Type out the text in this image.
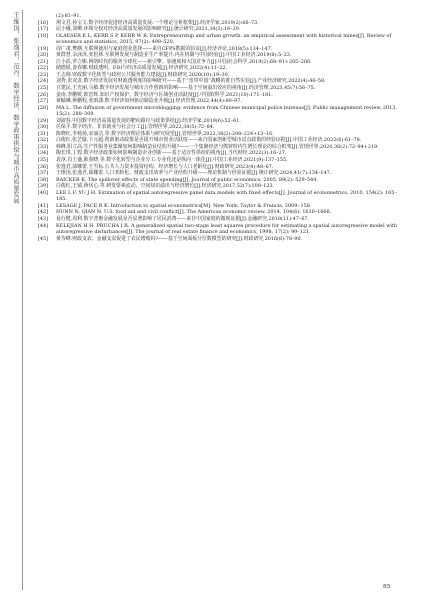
王维国，张逸君，范丹．数字经济、数字政策供给与城市高质量发展	(2):81–91.
[16] 荆文君,孙宝文.数字经济促进经济高质量发展:一个理论分析框架[J].经济学家,2019(2):66–73.
[17] 屈小娥,刘柳.环境分权对经济高质量发展的影响研究[J].统计研究,2021,38(3):16–29.
[18] GLAESER E L, KERR S P, KERR W R. Entrepreneurship and urban growth: an empirical assessment with historical mines[J]. Review of economics and statistics, 2015, 97(2): 498–520.
[19] 周广肃,樊纲.互联网使用与家庭创业选择——来自CFPS数据的验证[J].经济评论,2018(5):134–147.
[20] 黄群慧,余泳泽,张松林.互联网发展与制造业生产率提升:内在机制与中国经验[J].中国工业经济,2019(8):5–23.
[21] 江小涓,罗立彬.网络时代的服务全球化——新引擎、加速度和大国竞争力[J].中国社会科学,2019(2):68–91+205–206.
[22] 储德银,姜春娜.财政透明、FDI与经济高质量发展[J].经济研究,2022(4):11–22.
[23] 王志刚.财政数字化转型与政府公共服务能力建设[J].财政研究,2020(10):19–30.
[24] 刘秀,张双龙.数字经济发展对财政透明度的影响研究——基于“宽带中国”战略的准自然实验[J].产业经济研究,2022(4):46–58.
[25] 豆建民,王光丽,马敏.数字经济发展与城市合作创新的影响——基于空间溢出效应的视角[J].经济管理,2023,45(7):56–75.
[26] 姜南,李鹏媛,欧忠辉.知识产权保护、数字经济与区域创业活跃度[J].中国软科学,2021(10):171–181.
[27] 黄赜琳,蒋鹏程,张雨潇.数字经济如何驱动制造业升级[J].经济管理,2022,44(4):80–97.
[28] MA L. The diffusion of government microblogging: evidence from Chinese municipal police bureaus[J]. Public management review, 2013, 15(2): 288–309.
[29] 刘淑春.中国数字经济高质量发展的靶向路径与政策供给[J].经济学家,2019(6):52–61.
[30] 任保平.数字经济、非农就业与社会分工[J].管理世界,2022,38(5):72–84.
[31] 陈晓红,李杨扬,宋丽洁,等.数字经济理论体系与研究展望[J].管理世界,2022,38(2):208–224+13–16.
[32] 白俊红,张艺璇,卞元超.创新驱动政策是否提升城市创业活跃度——来自国家创新型城市试点政策的经验证据[J].中国工业经济,2022(6):61–78.
[33] 韩峰,阳立高.生产性服务业集聚如何影响制造业结构升级?——一个集聚经济与熊彼特内生增长理论的综合框架[J].管理世界,2020,36(2):72–94+219.
[34] 陶长琪,丁煌.数字经济政策如何影响制造企业创新——基于适宜性供给的视角[J].当代财经,2022(3):16–27.
[35] 袁淳,肖土盛,耿春晓,等.数字化转型与企业分工:专业化还是纵向一体化[J].中国工业经济,2021(9):137–155.
[36] 张逸君,邱娜蕾,王雪标.公共人力资本投资结构、经济增长与人口老龄化[J].财政研究,2023(4):48–67.
[37] 王维国,张逸君,邱娜蕾.人口老龄化、财政支出效率与产业结构升级——理论机制与经验证据[J].统计研究,2024,41(7):134–147.
[38] BAICKER K. The spillover effects of state spending[J]. Journal of public economics, 2005, 89(2): 529–544.
[39] 白俊红,王钺,蒋伏心,等.研发要素流动、空间知识溢出与经济增长[J].经济研究,2017,52(7):109–123.
[40] LEE L F, YU J H. Estimation of spatial autoregressive panel data models with fixed effects[J]. Journal of econometrics, 2010, 154(2): 165–185.
[41] LESAGE J, PACE R K. Introduction to spatial econometrics[M]. New York: Taylor & Francis, 2009: 158.
[42] NUNN N, QIAN N. U.S. food aid and civil conflict[J]. The American economic review, 2014, 104(6): 1630–1666.
[43] 易行健,周利.数字普惠金融发展是否显著影响了居民消费——来自中国家庭的微观证据[J].金融研究,2018(11):47–67.
[44] KELEJIAN H H, PRUCHA I R. A generalized spatial two-stage least squares procedure for estimating a spatial autoregressive model with autoregressive disturbances[J]. The journal of real estate finance and economics, 1998, 17(2): 99–121.
[45] 黄寿峰.财政支农、金融支农促进了农民增收吗?——基于空间面板分位数模型的研究[J].财政研究,2016(8):78–90.
85
